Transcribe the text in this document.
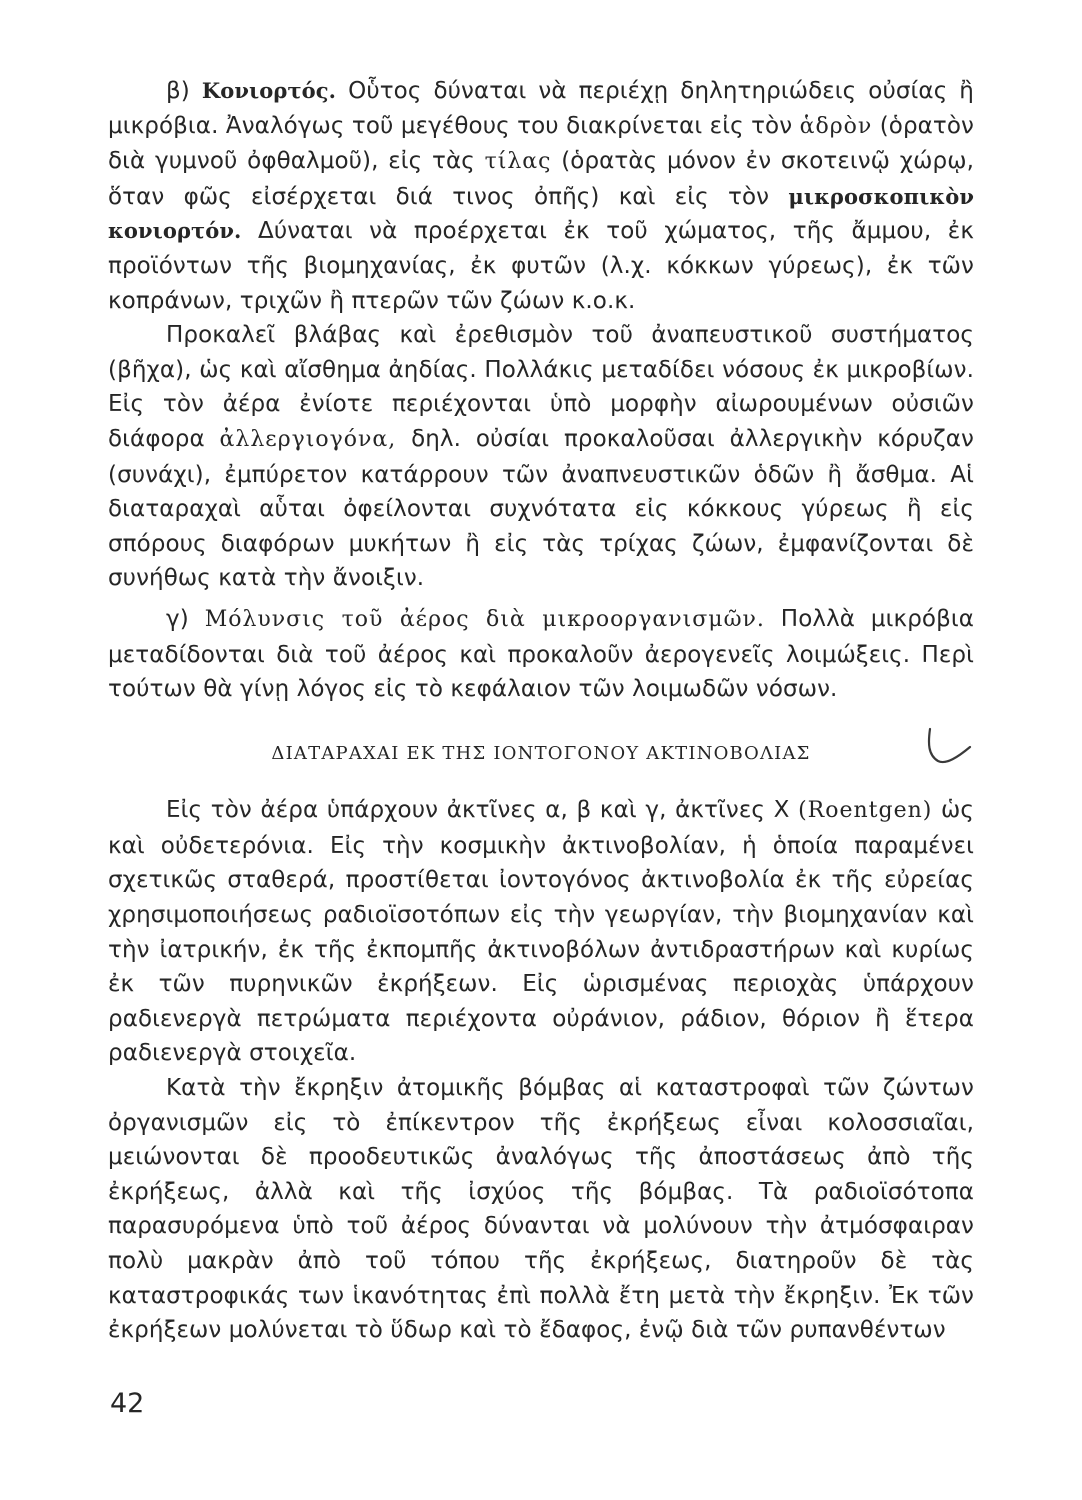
β) Κονιορτός. Οὗτος δύναται νὰ περιέχῃ δηλητηριώδεις οὐσίας ἢ μικρόβια. Ἀναλόγως τοῦ μεγέθους του διακρίνεται εἰς τὸν ἁδρὸν (ὁρατὸν διὰ γυμνοῦ ὀφθαλμοῦ), εἰς τὰς τίλας (ὁρατὰς μόνον ἐν σκοτεινῷ χώρῳ, ὅταν φῶς εἰσέρχεται διά τινος ὀπῆς) καὶ εἰς τὸν μικροσκοπικὸν κονιορτόν. Δύναται νὰ προέρχεται ἐκ τοῦ χώματος, τῆς ἄμμου, ἐκ προϊόντων τῆς βιομηχανίας, ἐκ φυτῶν (λ.χ. κόκκων γύρεως), ἐκ τῶν κοπράνων, τριχῶν ἢ πτερῶν τῶν ζώων κ.ο.κ.

Προκαλεῖ βλάβας καὶ ἐρεθισμὸν τοῦ ἀναπευστικοῦ συστήματος (βῆχα), ὡς καὶ αἴσθημα ἀηδίας. Πολλάκις μεταδίδει νόσους ἐκ μικροβίων. Εἰς τὸν ἀέρα ἐνίοτε περιέχονται ὑπὸ μορφὴν αἰωρουμένων οὐσιῶν διάφορα ἀλλεργιογόνα, δηλ. οὐσίαι προκαλοῦσαι ἀλλεργικὴν κόρυζαν (συνάχι), ἐμπύρετον κατάρρουν τῶν ἀναπνευστικῶν ὁδῶν ἢ ἄσθμα. Αἱ διαταραχαὶ αὗται ὀφείλονται συχνότατα εἰς κόκκους γύρεως ἢ εἰς σπόρους διαφόρων μυκήτων ἢ εἰς τὰς τρίχας ζώων, ἐμφανίζονται δὲ συνήθως κατὰ τὴν ἄνοιξιν.

γ) Μόλυνσις τοῦ ἀέρος διὰ μικροοργανισμῶν. Πολλὰ μικρόβια μεταδίδονται διὰ τοῦ ἀέρος καὶ προκαλοῦν ἀερογενεῖς λοιμώξεις. Περὶ τούτων θὰ γίνῃ λόγος εἰς τὸ κεφάλαιον τῶν λοιμωδῶν νόσων.

ΔΙΑΤΑΡΑΧΑΙ ΕΚ ΤΗΣ ΙΟΝΤΟΓΟΝΟΥ ΑΚΤΙΝΟΒΟΛΙΑΣ

Εἰς τὸν ἀέρα ὑπάρχουν ἀκτῖνες α, β καὶ γ, ἀκτῖνες Χ (Roentgen) ὡς καὶ οὐδετερόνια. Εἰς τὴν κοσμικὴν ἀκτινοβολίαν, ἡ ὁποία παραμένει σχετικῶς σταθερά, προστίθεται ἰοντογόνος ἀκτινοβολία ἐκ τῆς εὐρείας χρησιμοποιήσεως ραδιοϊσοτόπων εἰς τὴν γεωργίαν, τὴν βιομηχανίαν καὶ τὴν ἰατρικήν, ἐκ τῆς ἐκπομπῆς ἀκτινοβόλων ἀντιδραστήρων καὶ κυρίως ἐκ τῶν πυρηνικῶν ἐκρήξεων. Εἰς ὡρισμένας περιοχὰς ὑπάρχουν ραδιενεργὰ πετρώματα περιέχοντα οὐράνιον, ράδιον, θόριον ἢ ἕτερα ραδιενεργὰ στοιχεῖα.

Κατὰ τὴν ἔκρηξιν ἀτομικῆς βόμβας αἱ καταστροφαὶ τῶν ζώντων ὀργανισμῶν εἰς τὸ ἐπίκεντρον τῆς ἐκρήξεως εἶναι κολοσσιαῖαι, μειώνονται δὲ προοδευτικῶς ἀναλόγως τῆς ἀποστάσεως ἀπὸ τῆς ἐκρήξεως, ἀλλὰ καὶ τῆς ἰσχύος τῆς βόμβας. Τὰ ραδιοϊσότοπα παρασυρόμενα ὑπὸ τοῦ ἀέρος δύνανται νὰ μολύνουν τὴν ἀτμόσφαιραν πολὺ μακρὰν ἀπὸ τοῦ τόπου τῆς ἐκρήξεως, διατηροῦν δὲ τὰς καταστροφικάς των ἱκανότητας ἐπὶ πολλὰ ἔτη μετὰ τὴν ἔκρηξιν. Ἐκ τῶν ἐκρήξεων μολύνεται τὸ ὕδωρ καὶ τὸ ἔδαφος, ἐνῷ διὰ τῶν ρυπανθέντων

42
